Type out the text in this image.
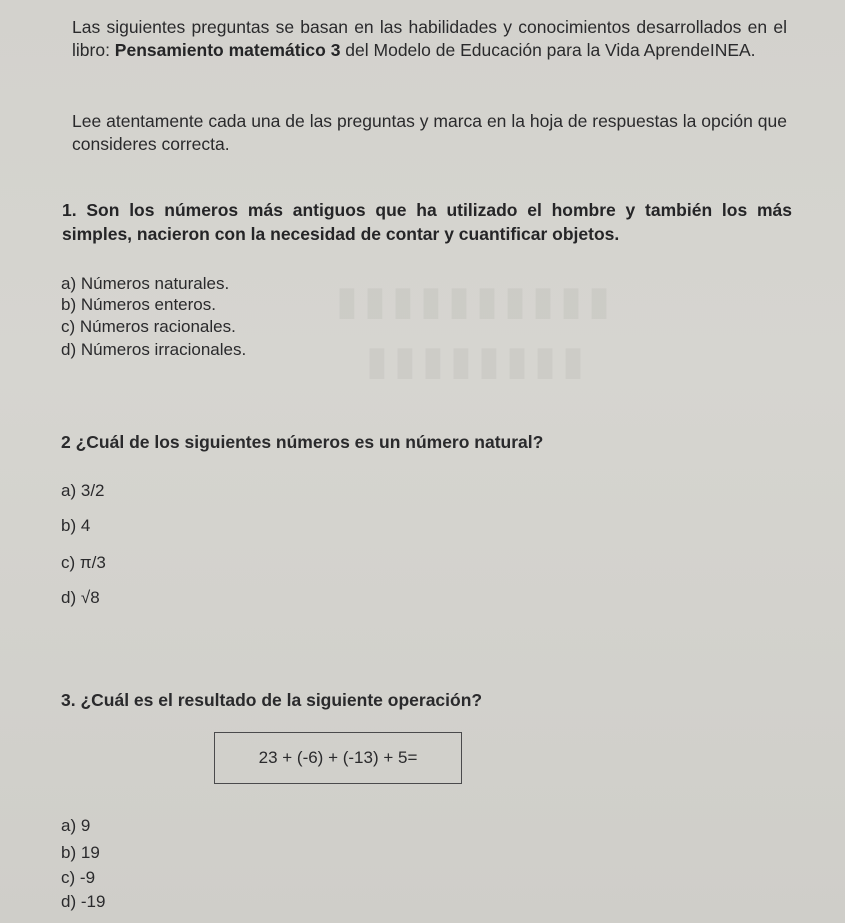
▮▮▮▮▮▮▮▮▮▮
▮▮▮▮▮▮▮▮
Las siguientes preguntas se basan en las habilidades y conocimientos desarrollados en el libro: Pensamiento matemático 3 del Modelo de Educación para la Vida AprendeINEA.
Lee atentamente cada una de las preguntas y marca en la hoja de respuestas la opción que consideres correcta.
1. Son los números más antiguos que ha utilizado el hombre y también los más simples, nacieron con la necesidad de contar y cuantificar objetos.
a) Números naturales.
b) Números enteros.
c) Números racionales.
d) Números irracionales.
2 ¿Cuál de los siguientes números es un número natural?
a) 3/2
b) 4
c) π/3
d) √8
3. ¿Cuál es el resultado de la siguiente operación?
23 + (-6) + (-13) + 5=
a) 9
b) 19
c) -9
d) -19
